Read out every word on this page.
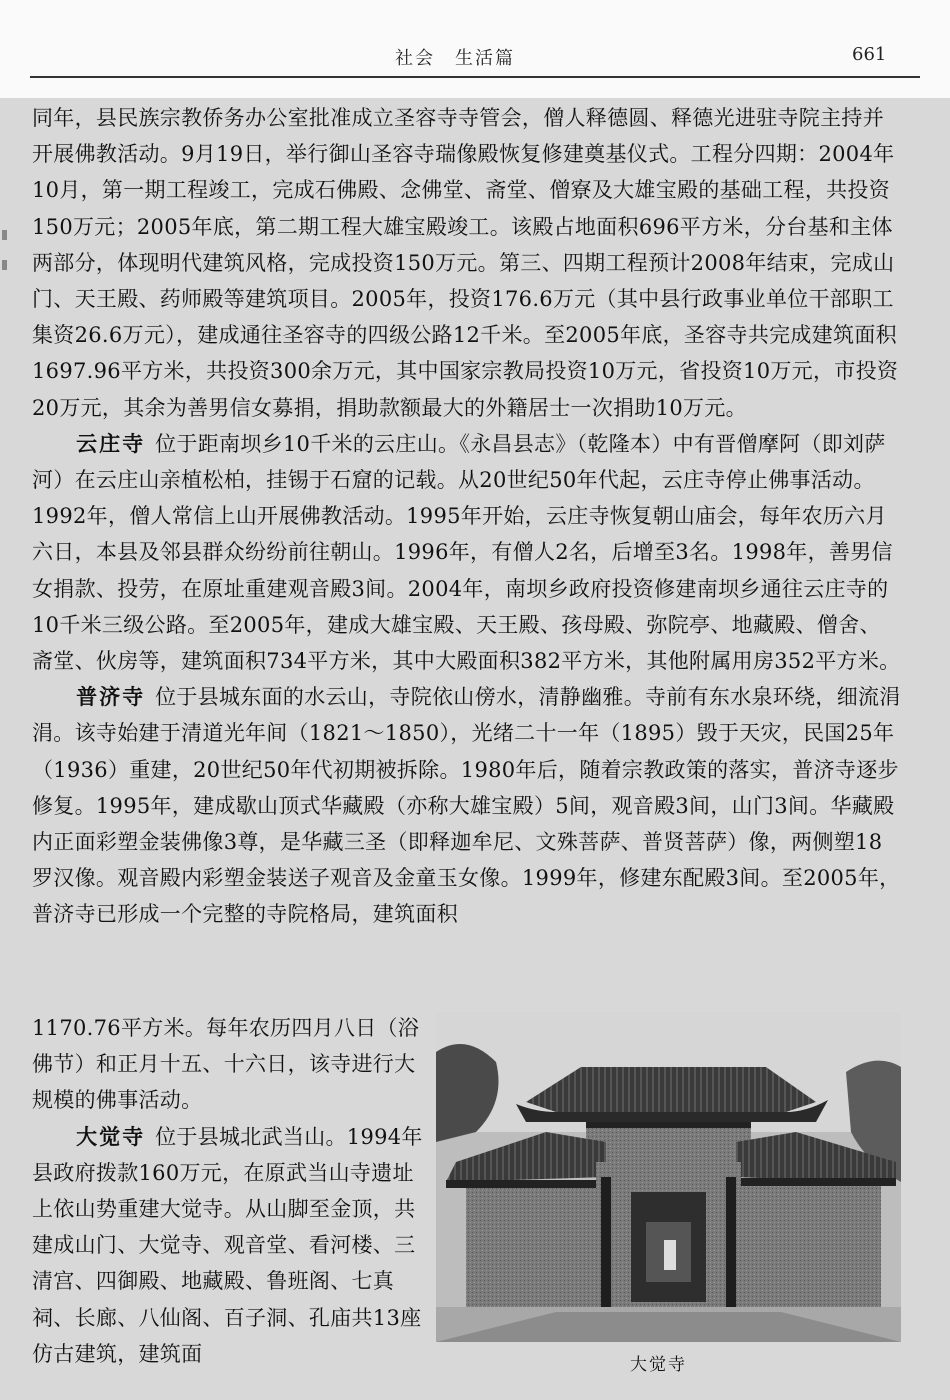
社会　生活篇	661

同年，县民族宗教侨务办公室批准成立圣容寺寺管会，僧人释德圆、释德光进驻寺院主持并开展佛教活动。9月19日，举行御山圣容寺瑞像殿恢复修建奠基仪式。工程分四期：2004年10月，第一期工程竣工，完成石佛殿、念佛堂、斋堂、僧寮及大雄宝殿的基础工程，共投资150万元；2005年底，第二期工程大雄宝殿竣工。该殿占地面积696平方米，分台基和主体两部分，体现明代建筑风格，完成投资150万元。第三、四期工程预计2008年结束，完成山门、天王殿、药师殿等建筑项目。2005年，投资176.6万元（其中县行政事业单位干部职工集资26.6万元），建成通往圣容寺的四级公路12千米。至2005年底，圣容寺共完成建筑面积1697.96平方米，共投资300余万元，其中国家宗教局投资10万元，省投资10万元，市投资20万元，其余为善男信女募捐，捐助款额最大的外籍居士一次捐助10万元。

云庄寺 位于距南坝乡10千米的云庄山。《永昌县志》（乾隆本）中有晋僧摩阿（即刘萨河）在云庄山亲植松柏，挂锡于石窟的记载。从20世纪50年代起，云庄寺停止佛事活动。1992年，僧人常信上山开展佛教活动。1995年开始，云庄寺恢复朝山庙会，每年农历六月六日，本县及邻县群众纷纷前往朝山。1996年，有僧人2名，后增至3名。1998年，善男信女捐款、投劳，在原址重建观音殿3间。2004年，南坝乡政府投资修建南坝乡通往云庄寺的10千米三级公路。至2005年，建成大雄宝殿、天王殿、孩母殿、弥院亭、地藏殿、僧舍、斋堂、伙房等，建筑面积734平方米，其中大殿面积382平方米，其他附属用房352平方米。

普济寺 位于县城东面的水云山，寺院依山傍水，清静幽雅。寺前有东水泉环绕，细流涓涓。该寺始建于清道光年间（1821～1850），光绪二十一年（1895）毁于天灾，民国25年（1936）重建，20世纪50年代初期被拆除。1980年后，随着宗教政策的落实，普济寺逐步修复。1995年，建成歇山顶式华藏殿（亦称大雄宝殿）5间，观音殿3间，山门3间。华藏殿内正面彩塑金装佛像3尊，是华藏三圣（即释迦牟尼、文殊菩萨、普贤菩萨）像，两侧塑18罗汉像。观音殿内彩塑金装送子观音及金童玉女像。1999年，修建东配殿3间。至2005年，普济寺已形成一个完整的寺院格局，建筑面积

1170.76平方米。每年农历四月八日（浴佛节）和正月十五、十六日，该寺进行大规模的佛事活动。

大觉寺 位于县城北武当山。1994年县政府拨款160万元，在原武当山寺遗址上依山势重建大觉寺。从山脚至金顶，共建成山门、大觉寺、观音堂、看河楼、三清宫、四御殿、地藏殿、鲁班阁、七真祠、长廊、八仙阁、百子洞、孔庙共13座仿古建筑，建筑面	大觉寺
